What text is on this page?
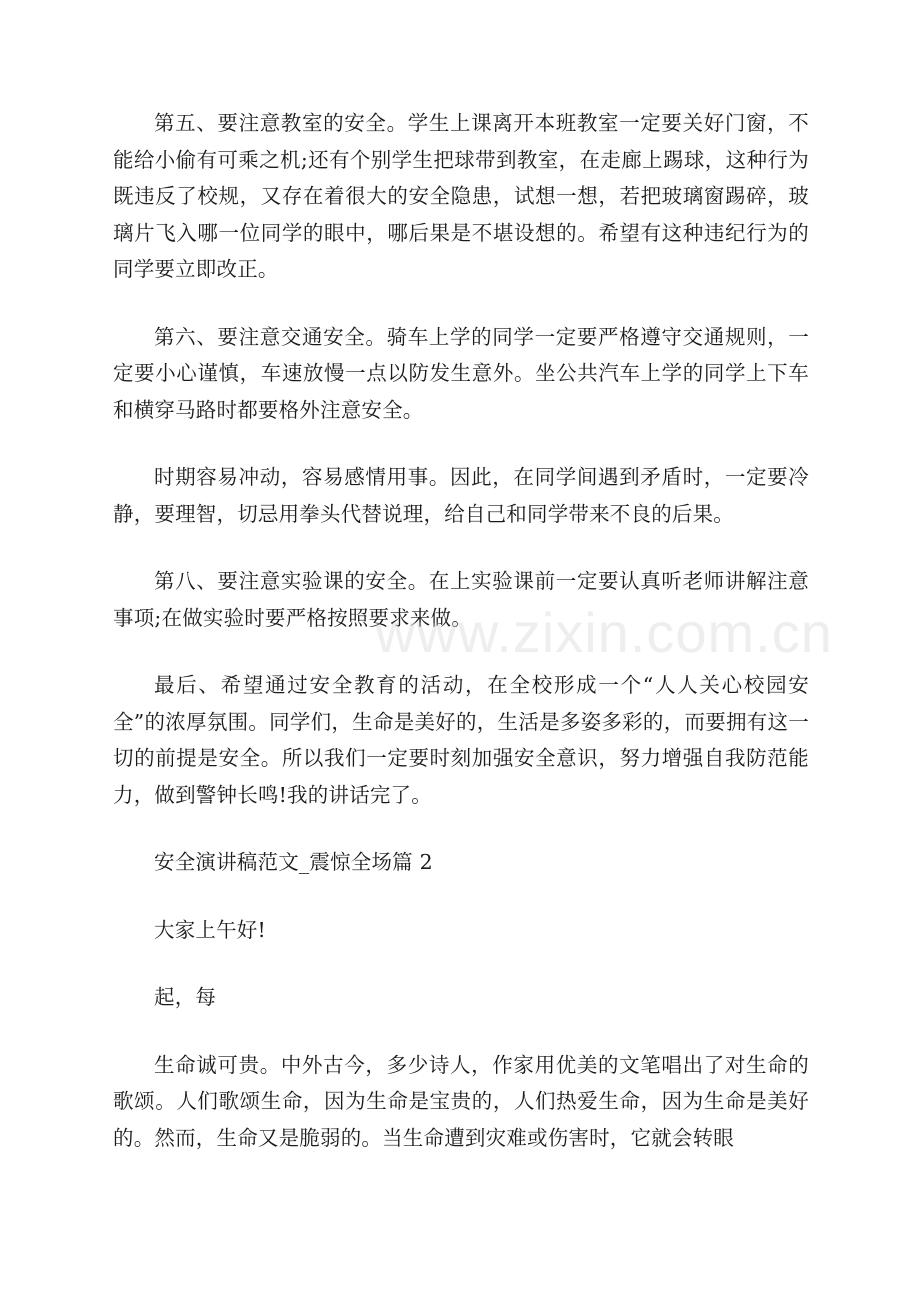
第五、要注意教室的安全。学生上课离开本班教室一定要关好门窗，不能给小偷有可乘之机;还有个别学生把球带到教室，在走廊上踢球，这种行为既违反了校规，又存在着很大的安全隐患，试想一想，若把玻璃窗踢碎，玻璃片飞入哪一位同学的眼中，哪后果是不堪设想的。希望有这种违纪行为的同学要立即改正。

第六、要注意交通安全。骑车上学的同学一定要严格遵守交通规则，一定要小心谨慎，车速放慢一点以防发生意外。坐公共汽车上学的同学上下车和横穿马路时都要格外注意安全。

时期容易冲动，容易感情用事。因此，在同学间遇到矛盾时，一定要冷静，要理智，切忌用拳头代替说理，给自己和同学带来不良的后果。

第八、要注意实验课的安全。在上实验课前一定要认真听老师讲解注意事项;在做实验时要严格按照要求来做。

最后、希望通过安全教育的活动，在全校形成一个“人人关心校园安全”的浓厚氛围。同学们，生命是美好的，生活是多姿多彩的，而要拥有这一切的前提是安全。所以我们一定要时刻加强安全意识，努力增强自我防范能力，做到警钟长鸣!我的讲话完了。

安全演讲稿范文_震惊全场篇 2

大家上午好!

起，每

生命诚可贵。中外古今，多少诗人，作家用优美的文笔唱出了对生命的歌颂。人们歌颂生命，因为生命是宝贵的，人们热爱生命，因为生命是美好的。然而，生命又是脆弱的。当生命遭到灾难或伤害时，它就会转眼

www.zixin.com.cn
